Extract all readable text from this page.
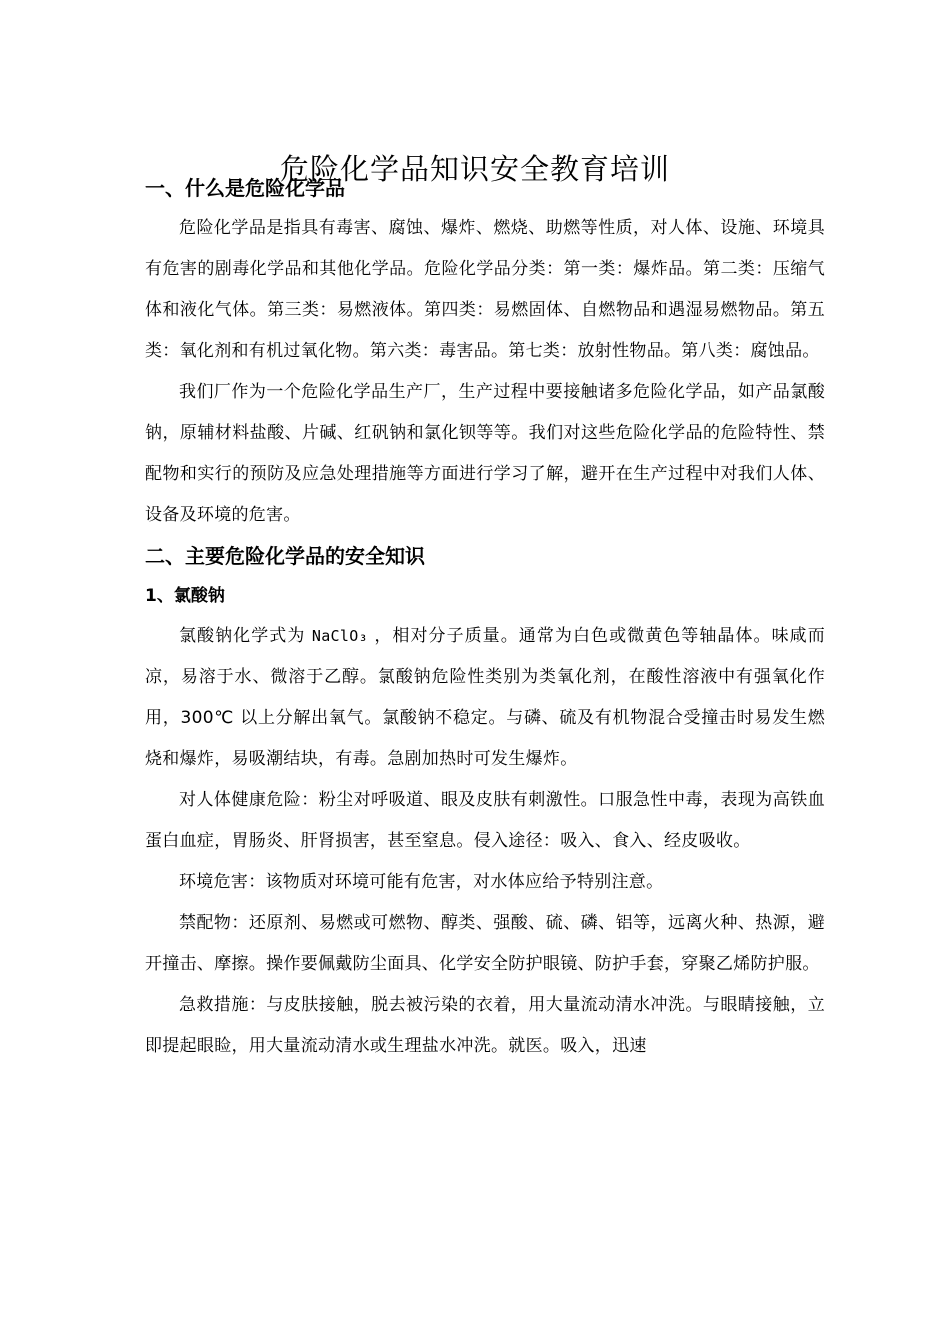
危险化学品知识安全教育培训
一、什么是危险化学品

危险化学品是指具有毒害、腐蚀、爆炸、燃烧、助燃等性质，对人体、设施、环境具有危害的剧毒化学品和其他化学品。危险化学品分类：第一类：爆炸品。第二类：压缩气体和液化气体。第三类：易燃液体。第四类：易燃固体、自燃物品和遇湿易燃物品。第五类：氧化剂和有机过氧化物。第六类：毒害品。第七类：放射性物品。第八类：腐蚀品。

我们厂作为一个危险化学品生产厂，生产过程中要接触诸多危险化学品，如产品氯酸钠，原辅材料盐酸、片碱、红矾钠和氯化钡等等。我们对这些危险化学品的危险特性、禁配物和实行的预防及应急处理措施等方面进行学习了解，避开在生产过程中对我们人体、设备及环境的危害。

二、主要危险化学品的安全知识
1、氯酸钠

氯酸钠化学式为 NaClO₃ ，相对分子质量。通常为白色或微黄色等轴晶体。味咸而凉，易溶于水、微溶于乙醇。氯酸钠危险性类别为类氧化剂，在酸性溶液中有强氧化作用，300℃ 以上分解出氧气。氯酸钠不稳定。与磷、硫及有机物混合受撞击时易发生燃烧和爆炸，易吸潮结块，有毒。急剧加热时可发生爆炸。

对人体健康危险：粉尘对呼吸道、眼及皮肤有刺激性。口服急性中毒，表现为高铁血蛋白血症，胃肠炎、肝肾损害，甚至窒息。侵入途径：吸入、食入、经皮吸收。

环境危害：该物质对环境可能有危害，对水体应给予特别注意。

禁配物：还原剂、易燃或可燃物、醇类、强酸、硫、磷、铝等，远离火种、热源，避开撞击、摩擦。操作要佩戴防尘面具、化学安全防护眼镜、防护手套，穿聚乙烯防护服。

急救措施：与皮肤接触，脱去被污染的衣着，用大量流动清水冲洗。与眼睛接触，立即提起眼睑，用大量流动清水或生理盐水冲洗。就医。吸入，迅速
